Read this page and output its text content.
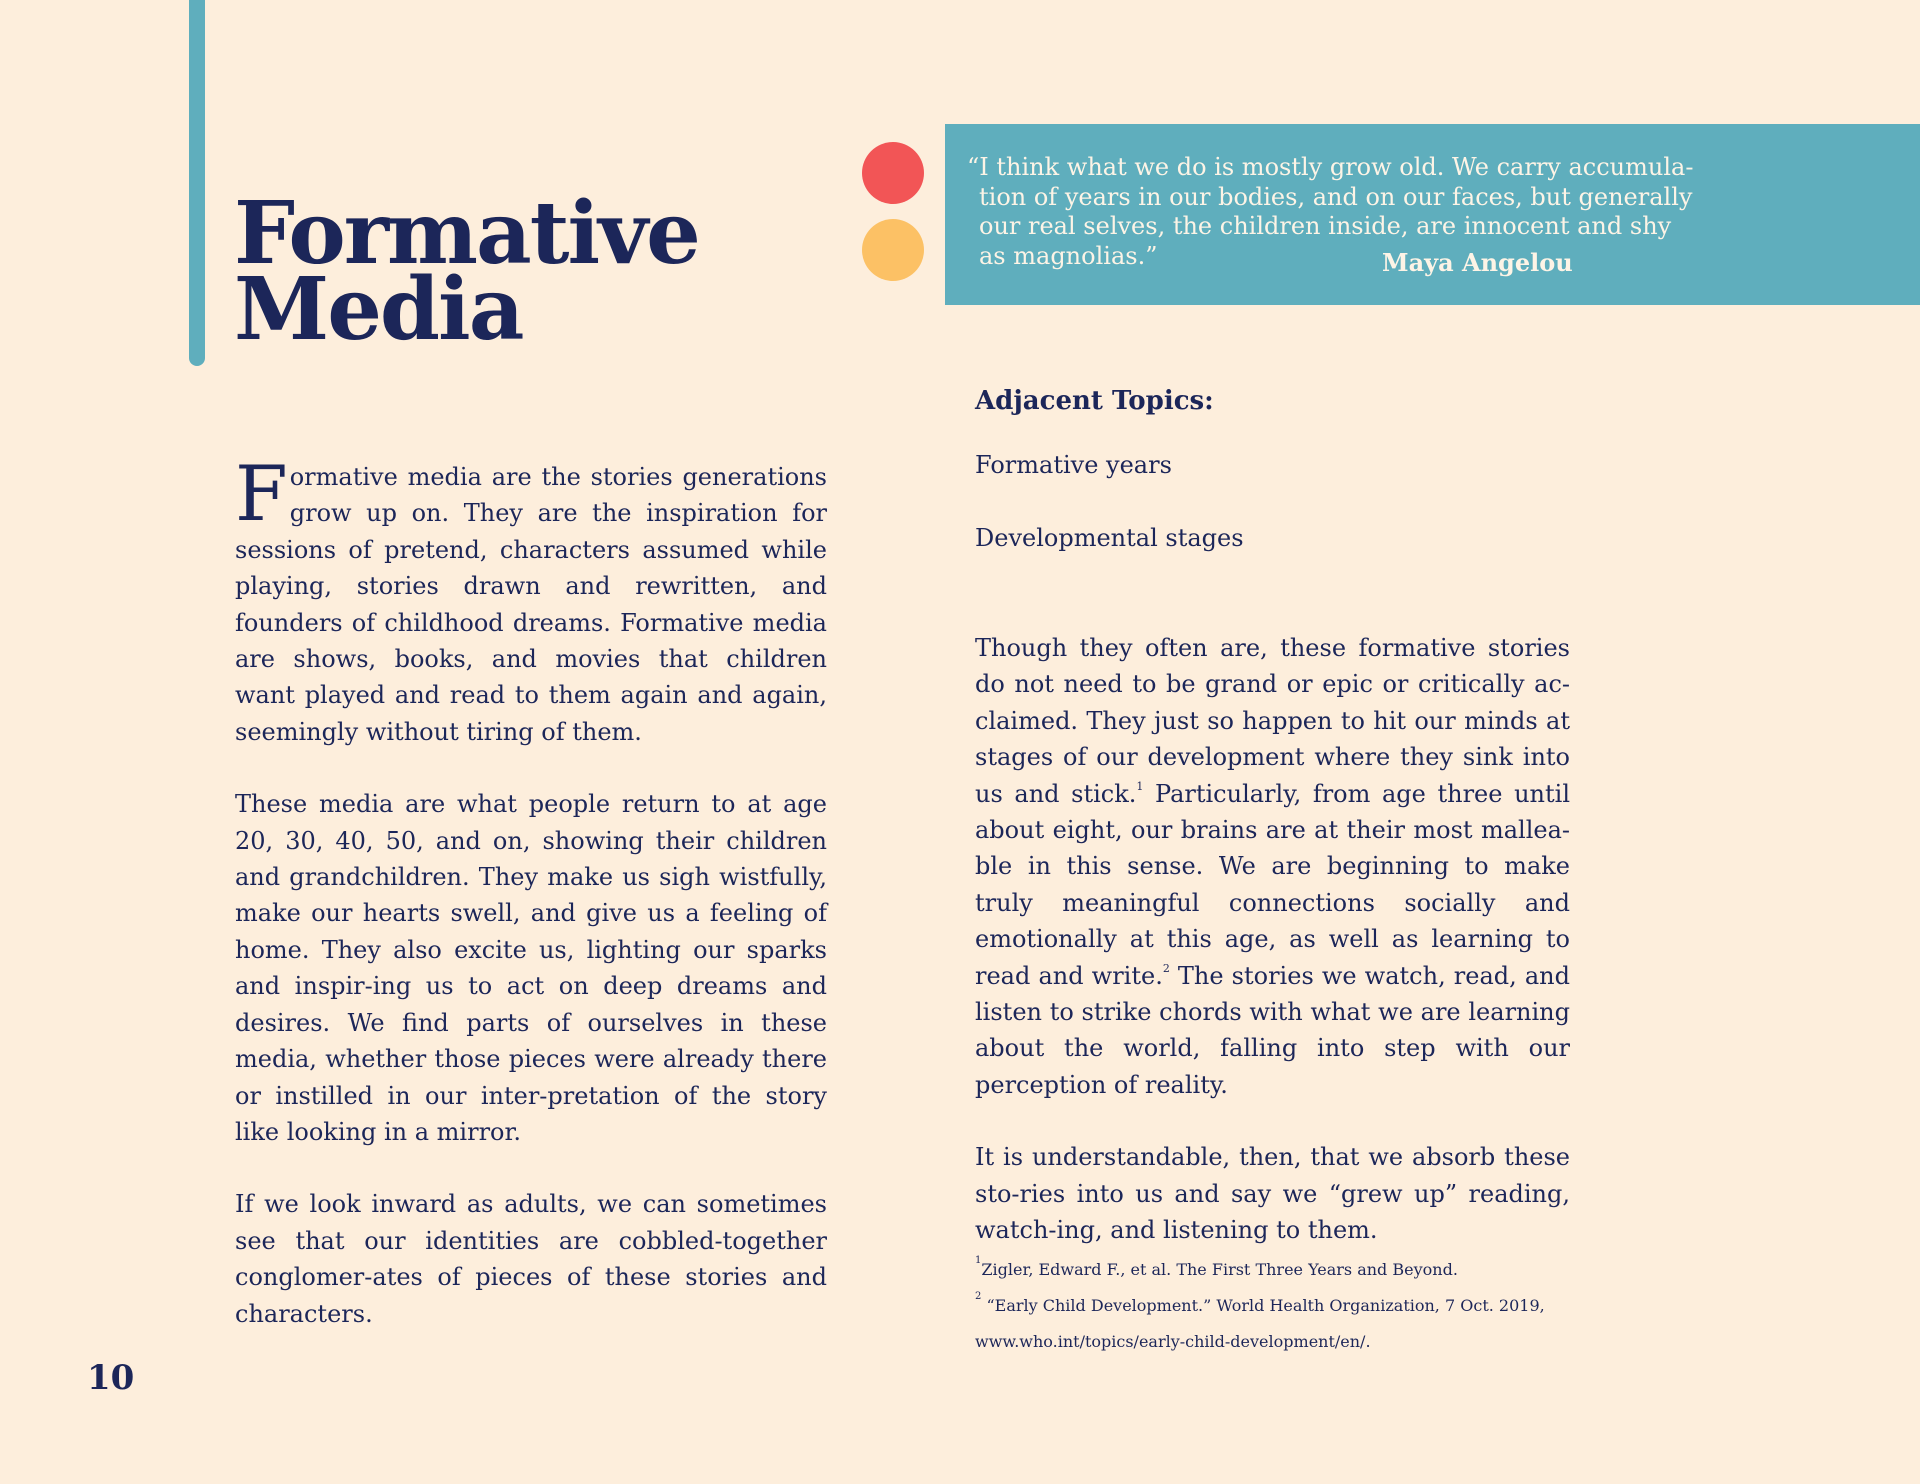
Formative
Media

“I think what we do is mostly grow old. We carry accumula-
tion of years in our bodies, and on our faces, but generally
our real selves, the children inside, are innocent and shy
as magnolias.”	Maya Angelou

Formative media are the stories generations grow up on. They are the inspiration for sessions of pretend, characters assumed while playing, stories drawn and rewritten, and founders of childhood dreams. Formative media are shows, books, and movies that children want played and read to them again and again, seemingly without tiring of them.

These media are what people return to at age 20, 30, 40, 50, and on, showing their children and grandchildren. They make us sigh wistfully, make our hearts swell, and give us a feeling of home. They also excite us, lighting our sparks and inspir-ing us to act on deep dreams and desires. We find parts of ourselves in these media, whether those pieces were already there or instilled in our inter-pretation of the story like looking in a mirror.

If we look inward as adults, we can sometimes see that our identities are cobbled-together conglomer-ates of pieces of these stories and characters.

Adjacent Topics:

Formative years

Developmental stages

Though they often are, these formative stories do not need to be grand or epic or critically ac-claimed. They just so happen to hit our minds at stages of our development where they sink into us and stick.$^1$ Particularly, from age three until about eight, our brains are at their most mallea-ble in this sense. We are beginning to make truly meaningful connections socially and emotionally at this age, as well as learning to read and write.$^2$ The stories we watch, read, and listen to strike chords with what we are learning about the world, falling into step with our perception of reality.

It is understandable, then, that we absorb these sto-ries into us and say we “grew up” reading, watch-ing, and listening to them.

$^1$Zigler, Edward F., et al. The First Three Years and Beyond.

$^2$ “Early Child Development.” World Health Organization, 7 Oct. 2019,

www.who.int/topics/early-child-development/en/.

10
